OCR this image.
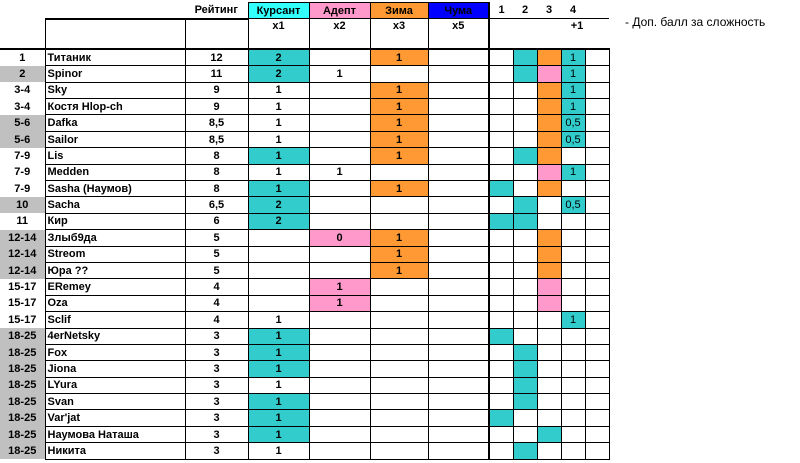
- Доп. балл за сложность
		Рейтинг	Курсант	Адепт	Зима	Чума	1	2	3	4	
			x1	x2	x3	x5	+1				
1	Титаник	12	2		1					1	
2	Spinor	11	2	1						1	
3-4	Sky	9	1		1					1	
3-4	Костя Hlop-ch	9	1		1					1	
5-6	Dafka	8,5	1		1					0,5	
5-6	Sailor	8,5	1		1					0,5	
7-9	Lis	8	1		1						
7-9	Medden	8	1	1						1	
7-9	Sasha (Наумов)	8	1		1						
10	Sacha	6,5	2							0,5	
11	Кир	6	2								
12-14	Злыб9да	5		0	1						
12-14	Streom	5			1						
12-14	Юра ??	5			1						
15-17	ERemey	4		1							
15-17	Oza	4		1							
15-17	Sclif	4	1							1	
18-25	4erNetsky	3	1								
18-25	Fox	3	1								
18-25	Jiona	3	1								
18-25	LYura	3	1								
18-25	Svan	3	1								
18-25	Var'jat	3	1								
18-25	Наумова Наташа	3	1								
18-25	Никита	3	1								
